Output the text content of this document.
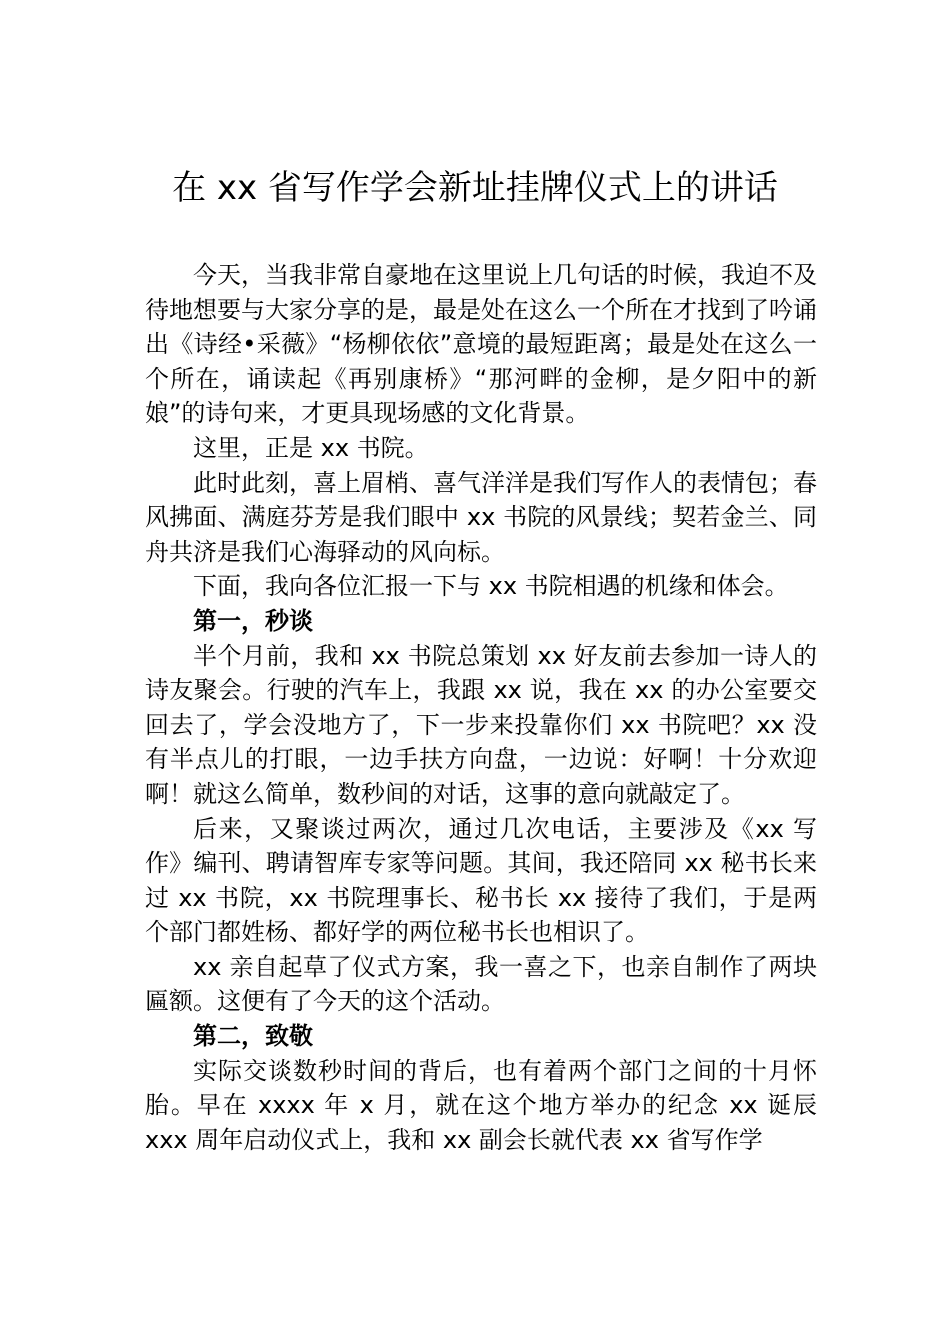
在 xx 省写作学会新址挂牌仪式上的讲话

今天，当我非常自豪地在这里说上几句话的时候，我迫不及待地想要与大家分享的是，最是处在这么一个所在才找到了吟诵出《诗经•采薇》“杨柳依依”意境的最短距离；最是处在这么一个所在，诵读起《再别康桥》“那河畔的金柳，是夕阳中的新娘”的诗句来，才更具现场感的文化背景。

这里，正是 xx 书院。

此时此刻，喜上眉梢、喜气洋洋是我们写作人的表情包；春风拂面、满庭芬芳是我们眼中 xx 书院的风景线；契若金兰、同舟共济是我们心海驿动的风向标。

下面，我向各位汇报一下与 xx 书院相遇的机缘和体会。

第一，秒谈

半个月前，我和 xx 书院总策划 xx 好友前去参加一诗人的诗友聚会。行驶的汽车上，我跟 xx 说，我在 xx 的办公室要交回去了，学会没地方了，下一步来投靠你们 xx 书院吧？xx 没有半点儿的打眼，一边手扶方向盘，一边说：好啊！十分欢迎啊！就这么简单，数秒间的对话，这事的意向就敲定了。

后来，又聚谈过两次，通过几次电话，主要涉及《xx 写作》编刊、聘请智库专家等问题。其间，我还陪同 xx 秘书长来过 xx 书院，xx 书院理事长、秘书长 xx 接待了我们，于是两个部门都姓杨、都好学的两位秘书长也相识了。

xx 亲自起草了仪式方案，我一喜之下，也亲自制作了两块匾额。这便有了今天的这个活动。

第二，致敬

实际交谈数秒时间的背后，也有着两个部门之间的十月怀胎。早在 xxxx 年 x 月，就在这个地方举办的纪念 xx 诞辰 xxx 周年启动仪式上，我和 xx 副会长就代表 xx 省写作学
